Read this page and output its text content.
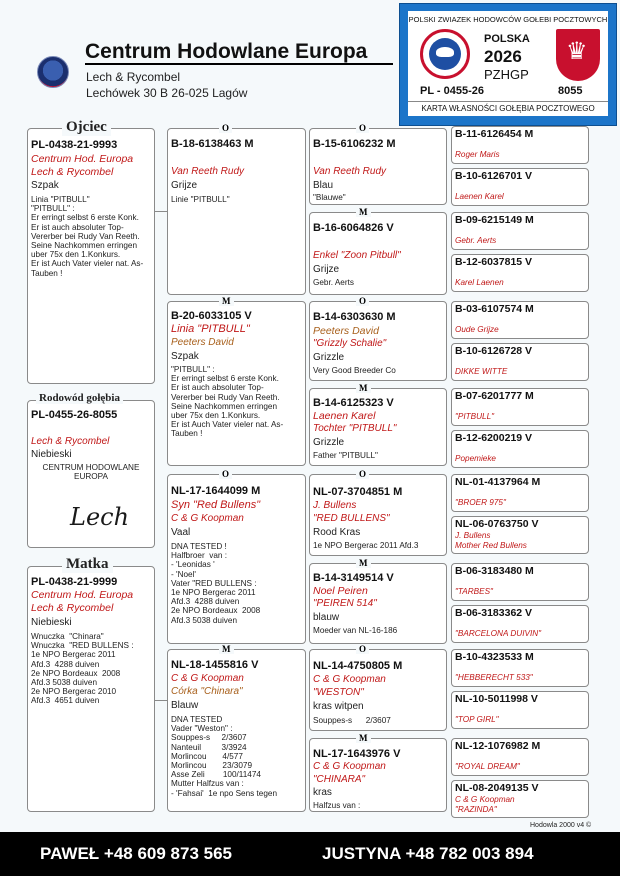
Centrum Hodowlane Europa
Lech & Rycombel
Lechówek 30 B 26-025 Lagów
POLSKI ZWIAZEK HODOWCÓW GOŁEBI POCZTOWYCH
POLSKA
2026
PZHGP
♛
PL - 0455-26	8055
KARTA WŁASNOŚCI GOŁĘBIA POCZTOWEGO
Ojciec
PL-0438-21-9993
Centrum Hod. Europa
Lech & Rycombel
Szpak
Linia "PITBULL"
"PITBULL" :
Er erringt selbst 6 erste Konk.
Er ist auch absoluter Top-
Vererber bei Rudy Van Reeth.
Seine Nachkommen erringen
uber 75x den 1.Konkurs.
Er ist Auch Vater vieler nat. As-
Tauben !
Rodowód gołębia
PL-0455-26-8055
Lech & Rycombel
Niebieski
CENTRUM HODOWLANE
EUROPA
Lech
Matka
PL-0438-21-9999
Centrum Hod. Europa
Lech & Rycombel
Niebieski
Wnuczka  "Chinara"
Wnuczka  "RED BULLENS :
1e NPO Bergerac 2011
Afd.3  4288 duiven
2e NPO Bordeaux  2008
Afd.3 5038 duiven
2e NPO Bergerac 2010
Afd.3  4651 duiven
O
B-18-6138463 M
Van Reeth Rudy
Grijze
Linie "PITBULL"
M
B-20-6033105 V
Linia "PITBULL"
Peeters David
Szpak
"PITBULL" :
Er erringt selbst 6 erste Konk.
Er ist auch absoluter Top-
Vererber bei Rudy Van Reeth.
Seine Nachkommen erringen
uber 75x den 1.Konkurs.
Er ist Auch Vater vieler nat. As-
Tauben !
O
NL-17-1644099 M
Syn "Red Bullens"
C & G Koopman
Vaal
DNA TESTED !
Halfbroer  van :
- 'Leonidas '
- 'Noel'
Vater "RED BULLENS :
1e NPO Bergerac 2011
Afd.3  4288 duiven
2e NPO Bordeaux  2008
Afd.3 5038 duiven
M
NL-18-1455816 V
C & G Koopman
Córka "Chinara"
Blauw
DNA TESTED
Vader "Weston" :
Souppes-s     2/3607
Nanteuil         3/3924
Morlincou       4/577
Morlincou       23/3079
Asse Zeli        100/11474
Mutter Halfzus van :
- 'Fahsai'  1e npo Sens tegen
O
B-15-6106232 M
Van Reeth Rudy
Blau
"Blauwe"
M
B-16-6064826 V
Enkel "Zoon Pitbull"
Grijze
Gebr. Aerts
O
B-14-6303630 M
Peeters David
"Grizzly Schalie"
Grizzle
Very Good Breeder Co
M
B-14-6125323 V
Laenen Karel
Tochter "PITBULL"
Grizzle
Father "PITBULL"
O
NL-07-3704851 M
J. Bullens
"RED BULLENS"
Rood Kras
1e NPO Bergerac 2011 Afd.3
M
B-14-3149514 V
Noel Peiren
"PEIREN 514"
blauw
Moeder van NL-16-186
O
NL-14-4750805 M
C & G Koopman
"WESTON"
kras witpen
Souppes-s      2/3607
M
NL-17-1643976 V
C & G Koopman
"CHINARA"
kras
Halfzus van :
B-11-6126454 M
Roger Maris
B-10-6126701 V
Laenen Karel
B-09-6215149 M
Gebr. Aerts
B-12-6037815 V
Karel Laenen
B-03-6107574 M
Oude Grijze
B-10-6126728 V
DIKKE WITTE
B-07-6201777 M
"PITBULL"
B-12-6200219 V
Popemieke
NL-01-4137964 M
"BROER 975"
NL-06-0763750 V
J. Bullens
Mother Red Bullens
B-06-3183480 M
"TARBES"
B-06-3183362 V
"BARCELONA DUIVIN"
B-10-4323533 M
"HEBBERECHT 533"
NL-10-5011998 V
"TOP GIRL"
NL-12-1076982 M
"ROYAL DREAM"
NL-08-2049135 V
C & G Koopman
"RAZINDA"
Hodowla 2000 v4 ©
PAWEŁ +48 609 873 565	JUSTYNA +48 782 003 894
